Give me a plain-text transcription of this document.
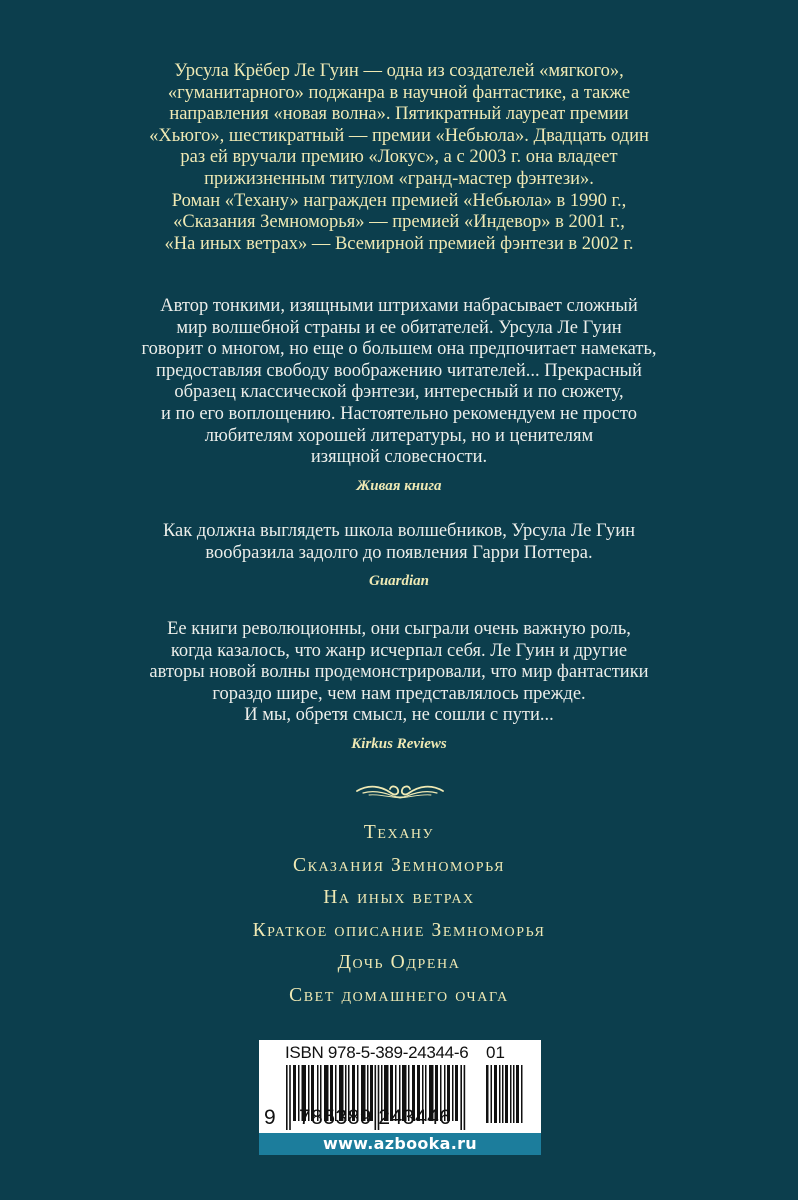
Урсула Крёбер Ле Гуин — одна из создателей «мягкого»,
«гуманитарного» поджанра в научной фантастике, а также
направления «новая волна». Пятикратный лауреат премии
«Хьюго», шестикратный — премии «Небьюла». Двадцать один
раз ей вручали премию «Локус», а с 2003 г. она владеет
прижизненным титулом «гранд-мастер фэнтези».
Роман «Техану» награжден премией «Небьюла» в 1990 г.,
«Сказания Земноморья» — премией «Индевор» в 2001 г.,
«На иных ветрах» — Всемирной премией фэнтези в 2002 г.
Автор тонкими, изящными штрихами набрасывает сложный
мир волшебной страны и ее обитателей. Урсула Ле Гуин
говорит о многом, но еще о большем она предпочитает намекать,
предоставляя свободу воображению читателей... Прекрасный
образец классической фэнтези, интересный и по сюжету,
и по его воплощению. Настоятельно рекомендуем не просто
любителям хорошей литературы, но и ценителям
изящной словесности.
Живая книга
Как должна выглядеть школа волшебников, Урсула Ле Гуин
вообразила задолго до появления Гарри Поттера.
Guardian
Ее книги революционны, они сыграли очень важную роль,
когда казалось, что жанр исчерпал себя. Ле Гуин и другие
авторы новой волны продемонстрировали, что мир фантастики
гораздо шире, чем нам представлялось прежде.
И мы, обретя смысл, не сошли с пути...
Kirkus Reviews
Техану
Сказания Земноморья
На иных ветрах
Краткое описание Земноморья
Дочь Одрена
Свет домашнего очага
ISBN 978-5-389-24344-6 01
9 785389 243446
www.azbooka.ru
